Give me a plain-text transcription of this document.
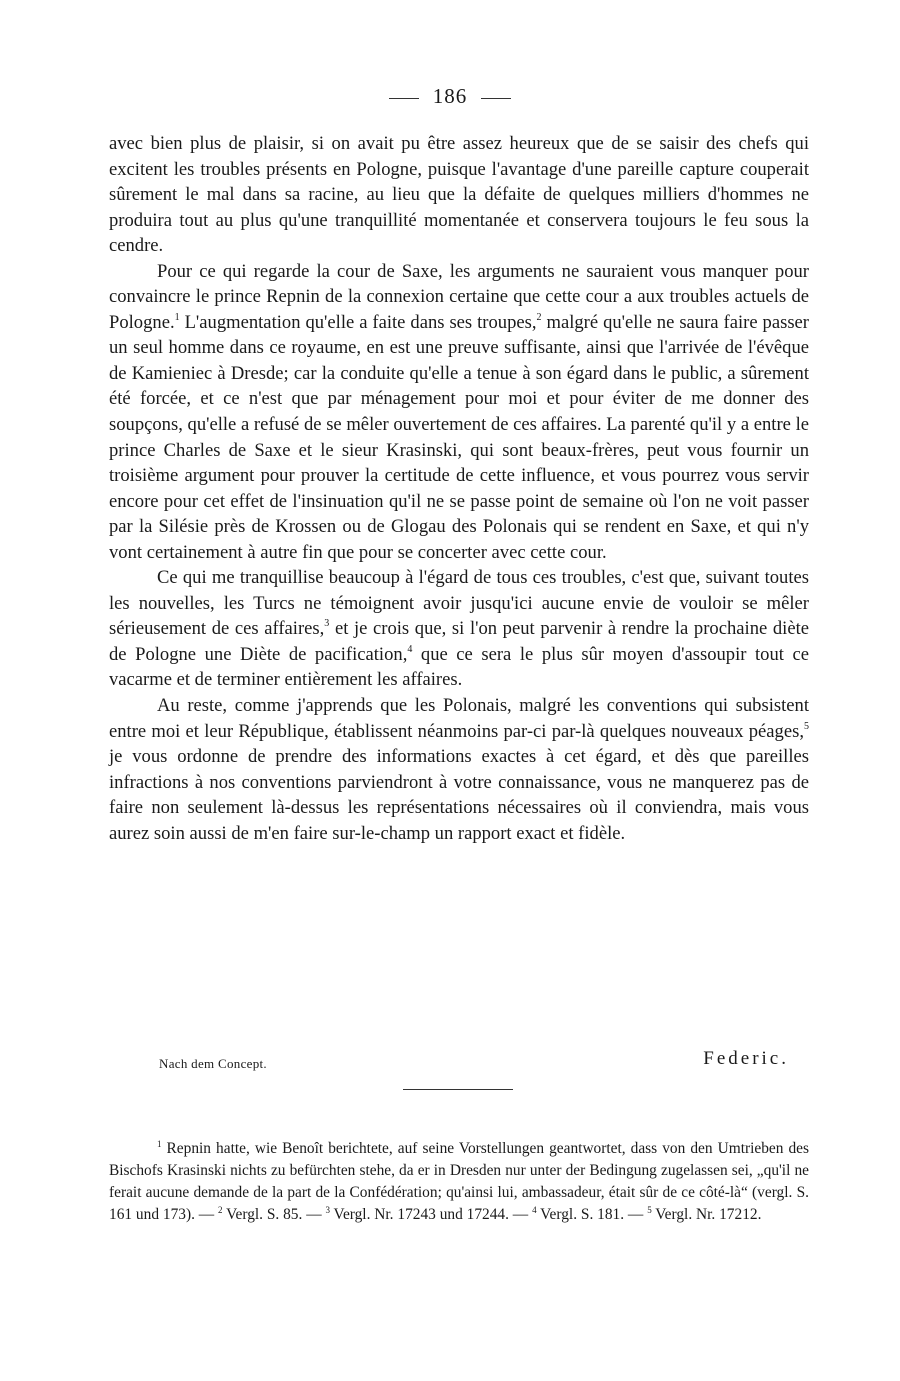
186

avec bien plus de plaisir, si on avait pu être assez heureux que de se saisir des chefs qui excitent les troubles présents en Pologne, puisque l'avantage d'une pareille capture couperait sûrement le mal dans sa racine, au lieu que la défaite de quelques milliers d'hommes ne produira tout au plus qu'une tranquillité momentanée et conservera toujours le feu sous la cendre.

Pour ce qui regarde la cour de Saxe, les arguments ne sauraient vous manquer pour convaincre le prince Repnin de la connexion certaine que cette cour a aux troubles actuels de Pologne.$^1$ L'augmentation qu'elle a faite dans ses troupes,$^2$ malgré qu'elle ne saura faire passer un seul homme dans ce royaume, en est une preuve suffisante, ainsi que l'arrivée de l'évêque de Kamieniec à Dresde; car la conduite qu'elle a tenue à son égard dans le public, a sûrement été forcée, et ce n'est que par ménagement pour moi et pour éviter de me donner des soupçons, qu'elle a refusé de se mêler ouvertement de ces affaires. La parenté qu'il y a entre le prince Charles de Saxe et le sieur Krasinski, qui sont beaux-frères, peut vous fournir un troisième argument pour prouver la certitude de cette influence, et vous pourrez vous servir encore pour cet effet de l'insinuation qu'il ne se passe point de semaine où l'on ne voit passer par la Silésie près de Krossen ou de Glogau des Polonais qui se rendent en Saxe, et qui n'y vont certainement à autre fin que pour se concerter avec cette cour.

Ce qui me tranquillise beaucoup à l'égard de tous ces troubles, c'est que, suivant toutes les nouvelles, les Turcs ne témoignent avoir jusqu'ici aucune envie de vouloir se mêler sérieusement de ces affaires,$^3$ et je crois que, si l'on peut parvenir à rendre la prochaine diète de Pologne une Diète de pacification,$^4$ que ce sera le plus sûr moyen d'assoupir tout ce vacarme et de terminer entièrement les affaires.

Au reste, comme j'apprends que les Polonais, malgré les conventions qui subsistent entre moi et leur République, établissent néanmoins par-ci par-là quelques nouveaux péages,$^5$ je vous ordonne de prendre des informations exactes à cet égard, et dès que pareilles infractions à nos conventions parviendront à votre connaissance, vous ne manquerez pas de faire non seulement là-dessus les représentations nécessaires où il conviendra, mais vous aurez soin aussi de m'en faire sur-le-champ un rapport exact et fidèle.

Nach dem Concept.	Federic.

$^1$ Repnin hatte, wie Benoît berichtete, auf seine Vorstellungen geantwortet, dass von den Umtrieben des Bischofs Krasinski nichts zu befürchten stehe, da er in Dresden nur unter der Bedingung zugelassen sei, „qu'il ne ferait aucune demande de la part de la Confédération; qu'ainsi lui, ambassadeur, était sûr de ce côté-là“ (vergl. S. 161 und 173). — $^2$ Vergl. S. 85. — $^3$ Vergl. Nr. 17243 und 17244. — $^4$ Vergl. S. 181. — $^5$ Vergl. Nr. 17212.
